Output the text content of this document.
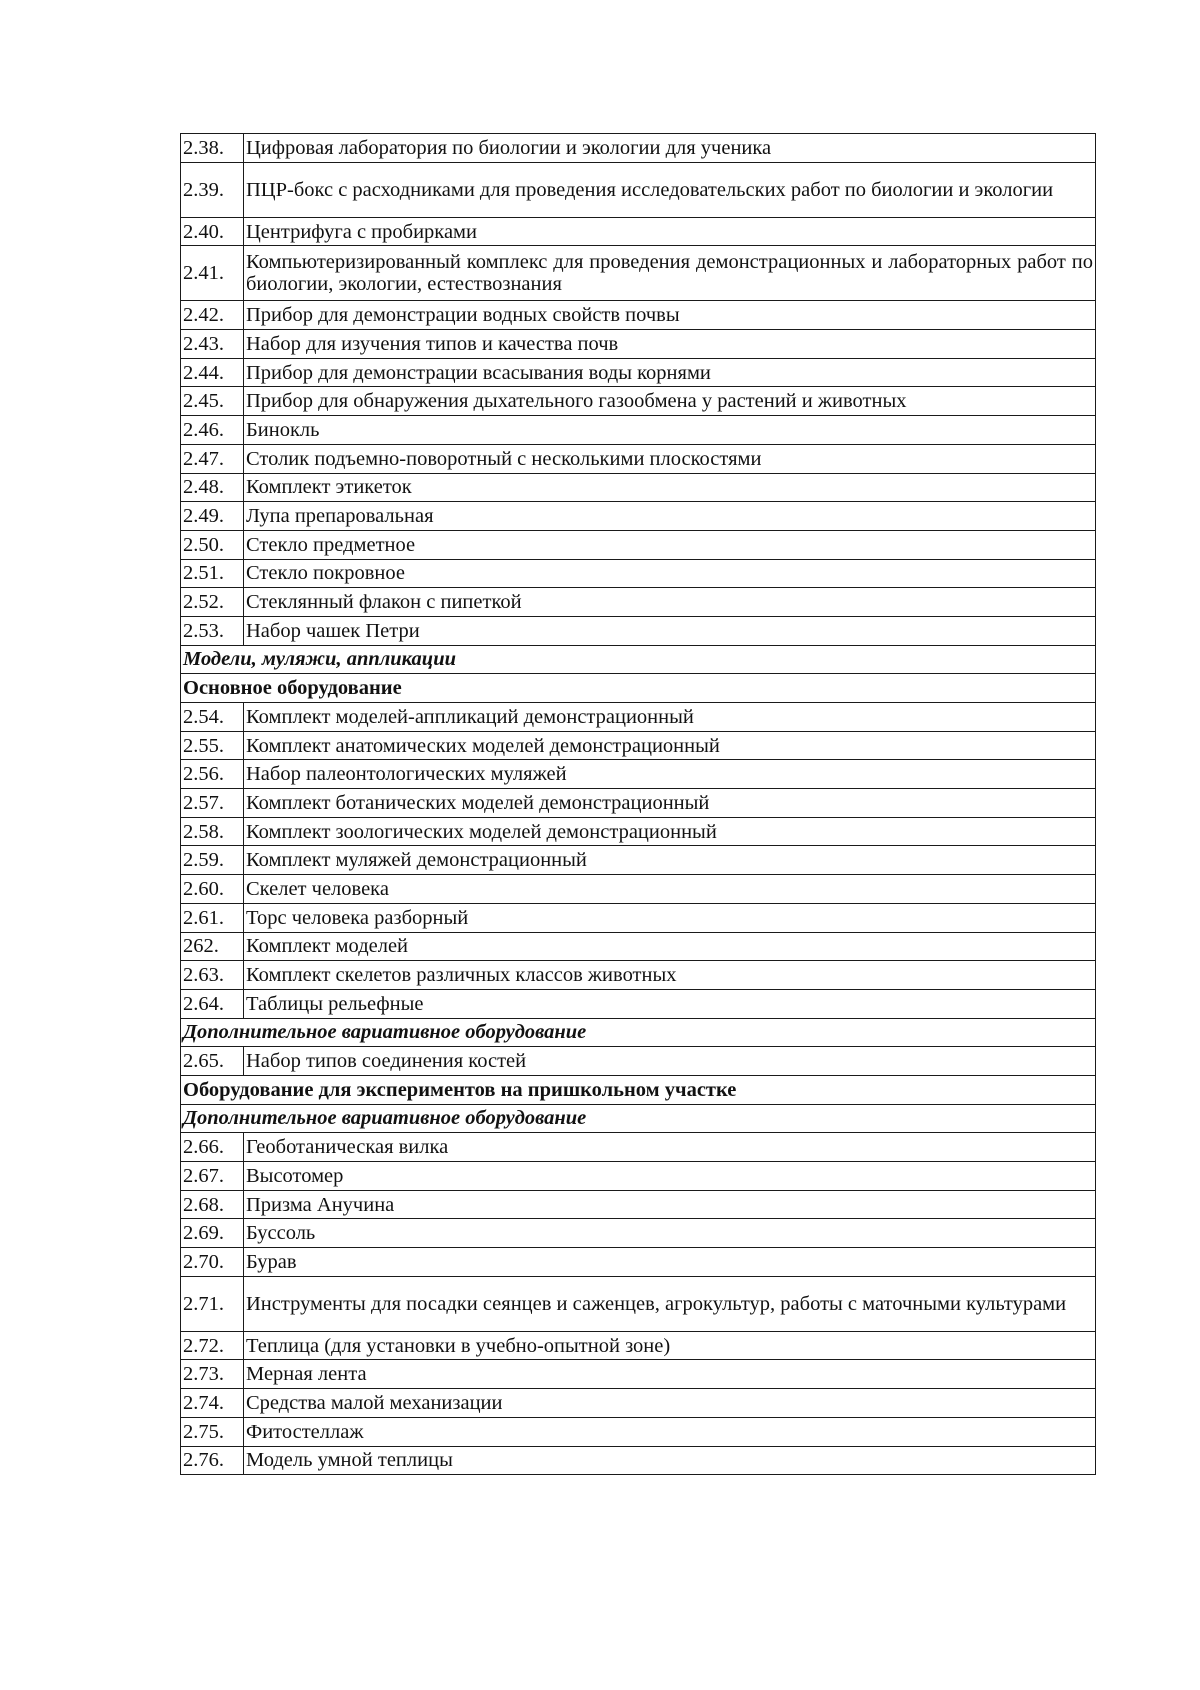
2.38.	Цифровая лаборатория по биологии и экологии для ученика
2.39.	ПЦР-бокс с расходниками для проведения исследовательских работ по биологии и экологии
2.40.	Центрифуга с пробирками
2.41.	Компьютеризированный комплекс для проведения демонстрационных и лабораторных работ по биологии, экологии, естествознания
2.42.	Прибор для демонстрации водных свойств почвы
2.43.	Набор для изучения типов и качества почв
2.44.	Прибор для демонстрации всасывания воды корнями
2.45.	Прибор для обнаружения дыхательного газообмена у растений и животных
2.46.	Бинокль
2.47.	Столик подъемно-поворотный с несколькими плоскостями
2.48.	Комплект этикеток
2.49.	Лупа препаровальная
2.50.	Стекло предметное
2.51.	Стекло покровное
2.52.	Стеклянный флакон с пипеткой
2.53.	Набор чашек Петри
Модели, муляжи, аппликации	
Основное оборудование	
2.54.	Комплект моделей-аппликаций демонстрационный
2.55.	Комплект анатомических моделей демонстрационный
2.56.	Набор палеонтологических муляжей
2.57.	Комплект ботанических моделей демонстрационный
2.58.	Комплект зоологических моделей демонстрационный
2.59.	Комплект муляжей демонстрационный
2.60.	Скелет человека
2.61.	Торс человека разборный
262.	Комплект моделей
2.63.	Комплект скелетов различных классов животных
2.64.	Таблицы рельефные
Дополнительное вариативное оборудование	
2.65.	Набор типов соединения костей
Оборудование для экспериментов на пришкольном участке	
Дополнительное вариативное оборудование	
2.66.	Геоботаническая вилка
2.67.	Высотомер
2.68.	Призма Анучина
2.69.	Буссоль
2.70.	Бурав
2.71.	Инструменты для посадки сеянцев и саженцев, агрокультур, работы с маточными культурами
2.72.	Теплица (для установки в учебно-опытной зоне)
2.73.	Мерная лента
2.74.	Средства малой механизации
2.75.	Фитостеллаж
2.76.	Модель умной теплицы
